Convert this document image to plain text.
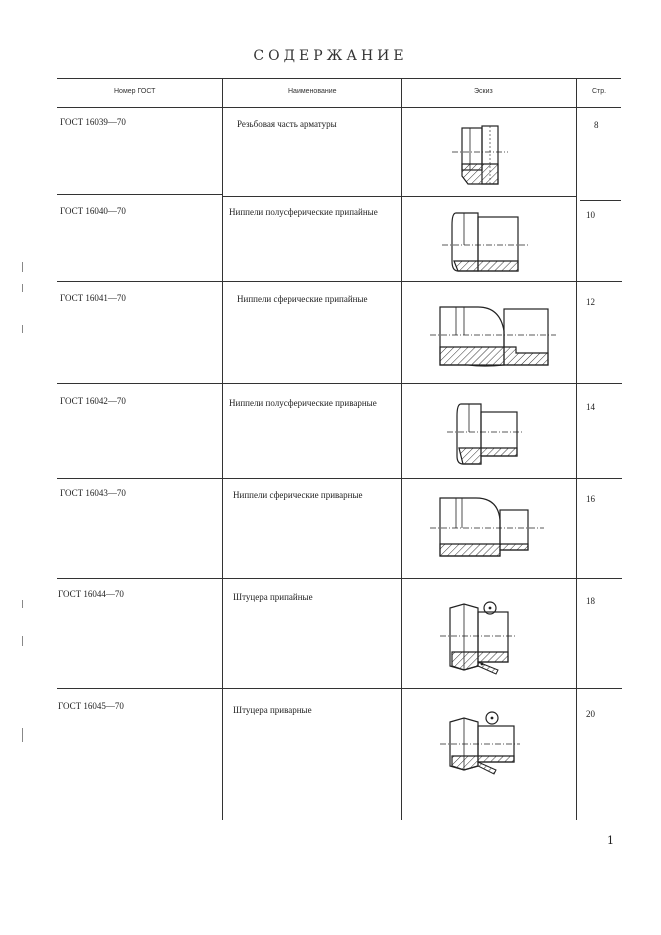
СОДЕРЖАНИЕ
Номер ГОСТ	Наименование	Эскиз	Стр.
ГОСТ 16039—70	Резьбовая часть арматуры	8
ГОСТ 16040—70	Ниппели полусферические припайные	10
ГОСТ 16041—70	Ниппели сферические припайные	12
ГОСТ 16042—70	Ниппели полусферические приварные	14
ГОСТ 16043—70	Ниппели сферические приварные	16
ГОСТ 16044—70	Штуцера припайные	18
ГОСТ 16045—70	Штуцера приварные	20
1
